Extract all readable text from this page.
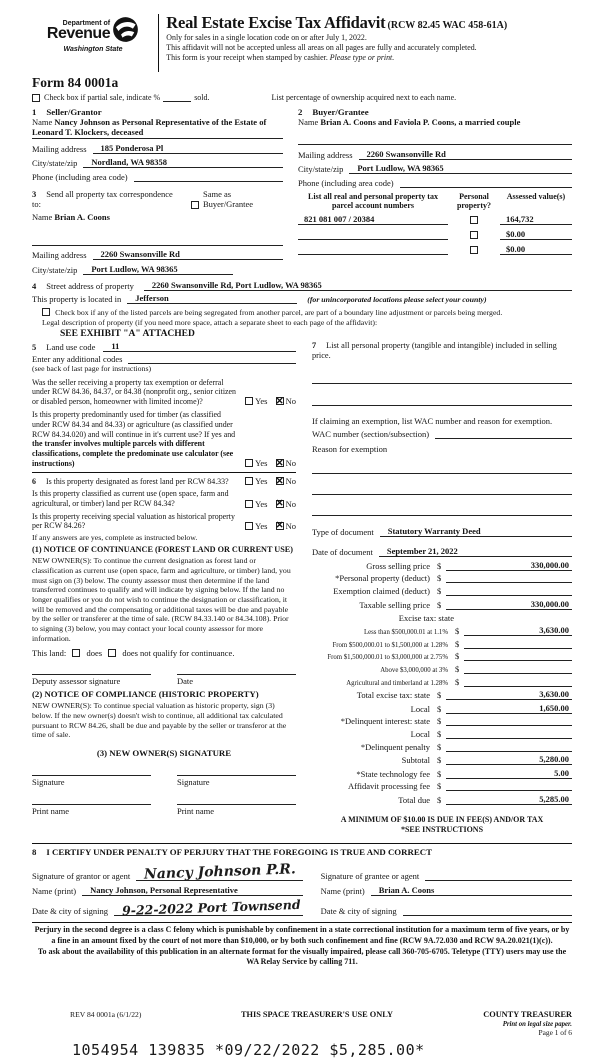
Department of
Revenue
Washington State
Real Estate Excise Tax Affidavit (RCW 82.45 WAC 458-61A)
Only for sales in a single location code on or after July 1, 2022.
This affidavit will not be accepted unless all areas on all pages are fully and accurately completed.
This form is your receipt when stamped by cashier. Please type or print.
Form 84 0001a
Check box if partial sale, indicate %	sold.	List percentage of ownership acquired next to each name.
1 Seller/Grantor
Name Nancy Johnson as Personal Representative of the Estate of Leonard T. Klockers, deceased
Mailing address	185 Ponderosa Pl
City/state/zip	Nordland, WA 98358
Phone (including area code)
3 Send all property tax correspondence to:
Same as Buyer/Grantee
Name Brian A. Coons
Mailing address	2260 Swansonville Rd
City/state/zip	Port Ludlow, WA 98365
2 Buyer/Grantee
Name Brian A. Coons and Faviola P. Coons, a married couple
Mailing address	2260 Swansonville Rd
City/state/zip	Port Ludlow, WA 98365
Phone (including area code)
List all real and personal property tax parcel account numbers
Personal property?
Assessed value(s)
821 081 007 / 20384	164,732
$0.00
$0.00
4 Street address of property	2260 Swansonville Rd, Port Ludlow, WA 98365
This property is located in	Jefferson	(for unincorporated locations please select your county)
Check box if any of the listed parcels are being segregated from another parcel, are part of a boundary line adjustment or parcels being merged.
Legal description of property (if you need more space, attach a separate sheet to each page of the affidavit):
SEE EXHIBIT "A" ATTACHED
5 Land use code	11
Enter any additional codes
(see back of last page for instructions)
Was the seller receiving a property tax exemption or deferral under RCW 84.36, 84.37, or 84.38 (nonprofit org., senior citizen or disabled person, homeowner with limited income)?	Yes ✕ No
Is this property predominantly used for timber (as classified under RCW 84.34 and 84.33) or agriculture (as classified under RCW 84.34.020) and will continue in it's current use? If yes and the transfer involves multiple parcels with different classifications, complete the predominate use calculator (see instructions)	Yes ✕ No
6 Is this property designated as forest land per RCW 84.33?	Yes ✕ No
Is this property classified as current use (open space, farm and agricultural, or timber) land per RCW 84.34?	Yes ✕ No
Is this property receiving special valuation as historical property per RCW 84.26?	Yes ✕ No
If any answers are yes, complete as instructed below.
(1) NOTICE OF CONTINUANCE (FOREST LAND OR CURRENT USE)
NEW OWNER(S): To continue the current designation as forest land or classification as current use (open space, farm and agriculture, or timber) land, you must sign on (3) below. The county assessor must then determine if the land transferred continues to qualify and will indicate by signing below. If the land no longer qualifies or you do not wish to continue the designation or classification, it will be removed and the compensating or additional taxes will be due and payable by the seller or transferer at the time of sale. (RCW 84.33.140 or 84.34.108). Prior to signing (3) below, you may contact your local county assessor for more information.
This land: does does not qualify for continuance.
Deputy assessor signature	Date
(2) NOTICE OF COMPLIANCE (HISTORIC PROPERTY)
NEW OWNER(S): To continue special valuation as historic property, sign (3) below. If the new owner(s) doesn't wish to continue, all additional tax calculated pursuant to RCW 84.26, shall be due and payable by the seller or transferor at the time of sale.
(3) NEW OWNER(S) SIGNATURE
Signature
Print name
Signature
Print name
7 List all personal property (tangible and intangible) included in selling price.
If claiming an exemption, list WAC number and reason for exemption.
WAC number (section/subsection)
Reason for exemption
Type of document	Statutory Warranty Deed
Date of document	September 21, 2022
Gross selling price $	330,000.00
*Personal property (deduct) $
Exemption claimed (deduct) $
Taxable selling price $	330,000.00
Excise tax: state
Less than $500,000.01 at 1.1% $	3,630.00
From $500,000.01 to $1,500,000 at 1.28% $
From $1,500,000.01 to $3,000,000 at 2.75% $
Above $3,000,000 at 3% $
Agricultural and timberland at 1.28% $
Total excise tax: state $	3,630.00
Local $	1,650.00
*Delinquent interest: state $
Local $
*Delinquent penalty $
Subtotal $	5,280.00
*State technology fee $	5.00
Affidavit processing fee $
Total due $	5,285.00
A MINIMUM OF $10.00 IS DUE IN FEE(S) AND/OR TAX
*SEE INSTRUCTIONS
8 I CERTIFY UNDER PENALTY OF PERJURY THAT THE FOREGOING IS TRUE AND CORRECT
Signature of grantor or agent Nancy Johnson P.R.
Name (print)	Nancy Johnson, Personal Representative
Date & city of signing	9-22-2022 Port Townsend
Signature of grantee or agent
Name (print)	Brian A. Coons
Date & city of signing
Perjury in the second degree is a class C felony which is punishable by confinement in a state correctional institution for a maximum term of five years, or by a fine in an amount fixed by the court of not more than $10,000, or by both such confinement and fine (RCW 9A.72.030 and RCW 9A.20.021(1)(c)).
To ask about the availability of this publication in an alternate format for the visually impaired, please call 360-705-6705. Teletype (TTY) users may use the WA Relay Service by calling 711.
REV 84 0001a (6/1/22)	THIS SPACE TREASURER'S USE ONLY	COUNTY TREASURER
Print on legal size paper.
Page 1 of 6
1054954 139835 *09/22/2022 $5,285.00*
